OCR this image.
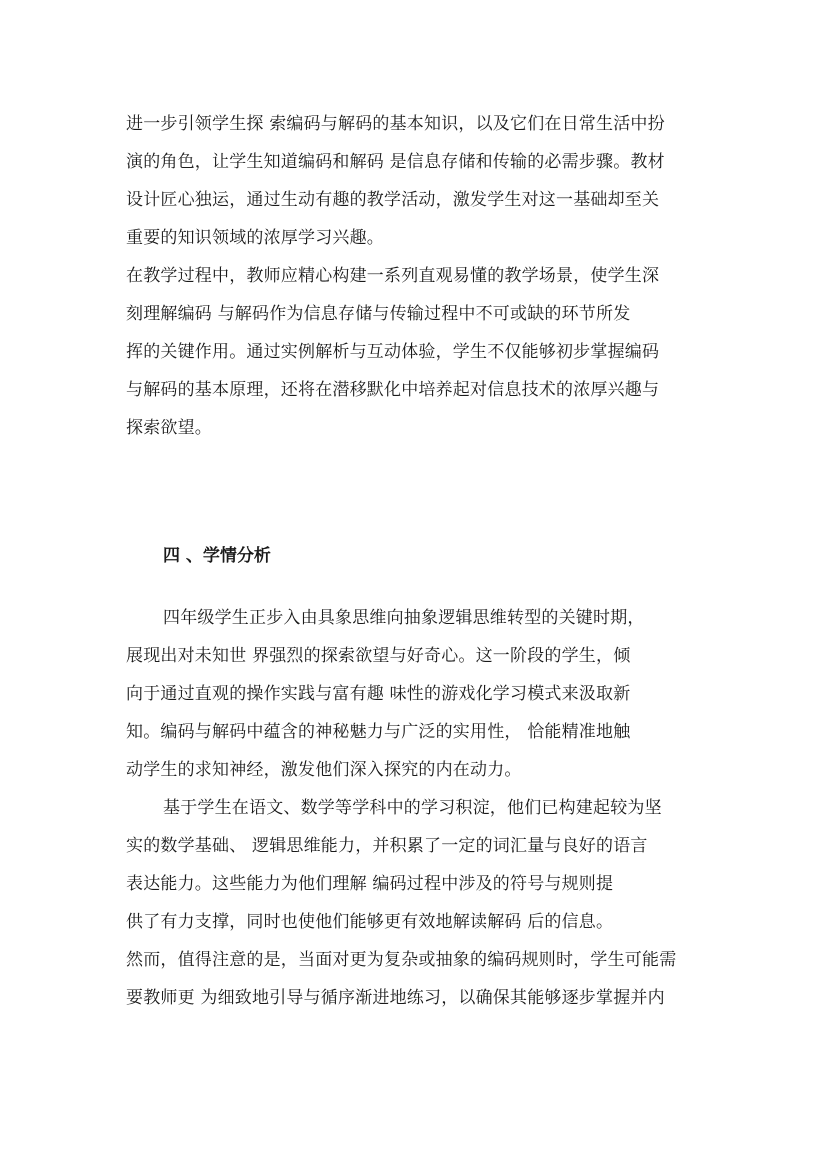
进一步引领学生探 索编码与解码的基本知识，以及它们在日常生活中扮
演的角色，让学生知道编码和解码 是信息存储和传输的必需步骤。教材
设计匠心独运，通过生动有趣的教学活动，激发学生对这一基础却至关
重要的知识领域的浓厚学习兴趣。
在教学过程中，教师应精心构建一系列直观易懂的教学场景，使学生深
刻理解编码 与解码作为信息存储与传输过程中不可或缺的环节所发
挥的关键作用。通过实例解析与互动体验，学生不仅能够初步掌握编码
与解码的基本原理，还将在潜移默化中培养起对信息技术的浓厚兴趣与
探索欲望。
四 、学情分析
四年级学生正步入由具象思维向抽象逻辑思维转型的关键时期，
展现出对未知世 界强烈的探索欲望与好奇心。这一阶段的学生，倾
向于通过直观的操作实践与富有趣 味性的游戏化学习模式来汲取新
知。编码与解码中蕴含的神秘魅力与广泛的实用性， 恰能精准地触
动学生的求知神经，激发他们深入探究的内在动力。
基于学生在语文、数学等学科中的学习积淀，他们已构建起较为坚
实的数学基础、 逻辑思维能力，并积累了一定的词汇量与良好的语言
表达能力。这些能力为他们理解 编码过程中涉及的符号与规则提
供了有力支撑，同时也使他们能够更有效地解读解码 后的信息。
然而，值得注意的是，当面对更为复杂或抽象的编码规则时，学生可能需
要教师更 为细致地引导与循序渐进地练习，以确保其能够逐步掌握并内
